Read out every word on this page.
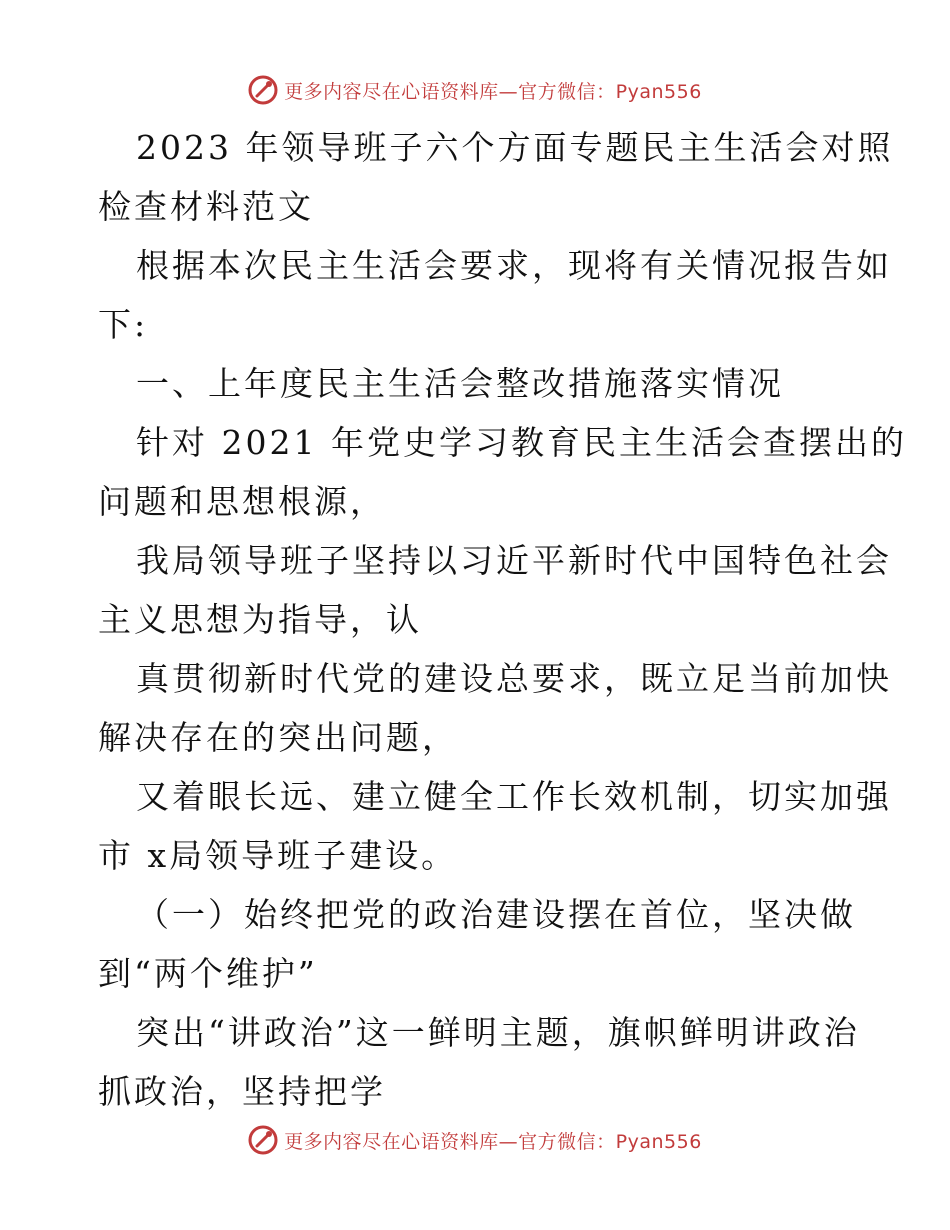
更多内容尽在心语资料库—官方微信：Pyan556
2023 年领导班子六个方面专题民主生活会对照
检查材料范文
根据本次民主生活会要求，现将有关情况报告如
下:
一、上年度民主生活会整改措施落实情况
针对 2021 年党史学习教育民主生活会查摆出的
问题和思想根源，
我局领导班子坚持以习近平新时代中国特色社会
主义思想为指导，认
真贯彻新时代党的建设总要求，既立足当前加快
解决存在的突出问题，
又着眼长远、建立健全工作长效机制，切实加强
市 x局领导班子建设。
（一）始终把党的政治建设摆在首位，坚决做
到“两个维护”
突出“讲政治”这一鲜明主题，旗帜鲜明讲政治
抓政治，坚持把学
更多内容尽在心语资料库—官方微信：Pyan556
